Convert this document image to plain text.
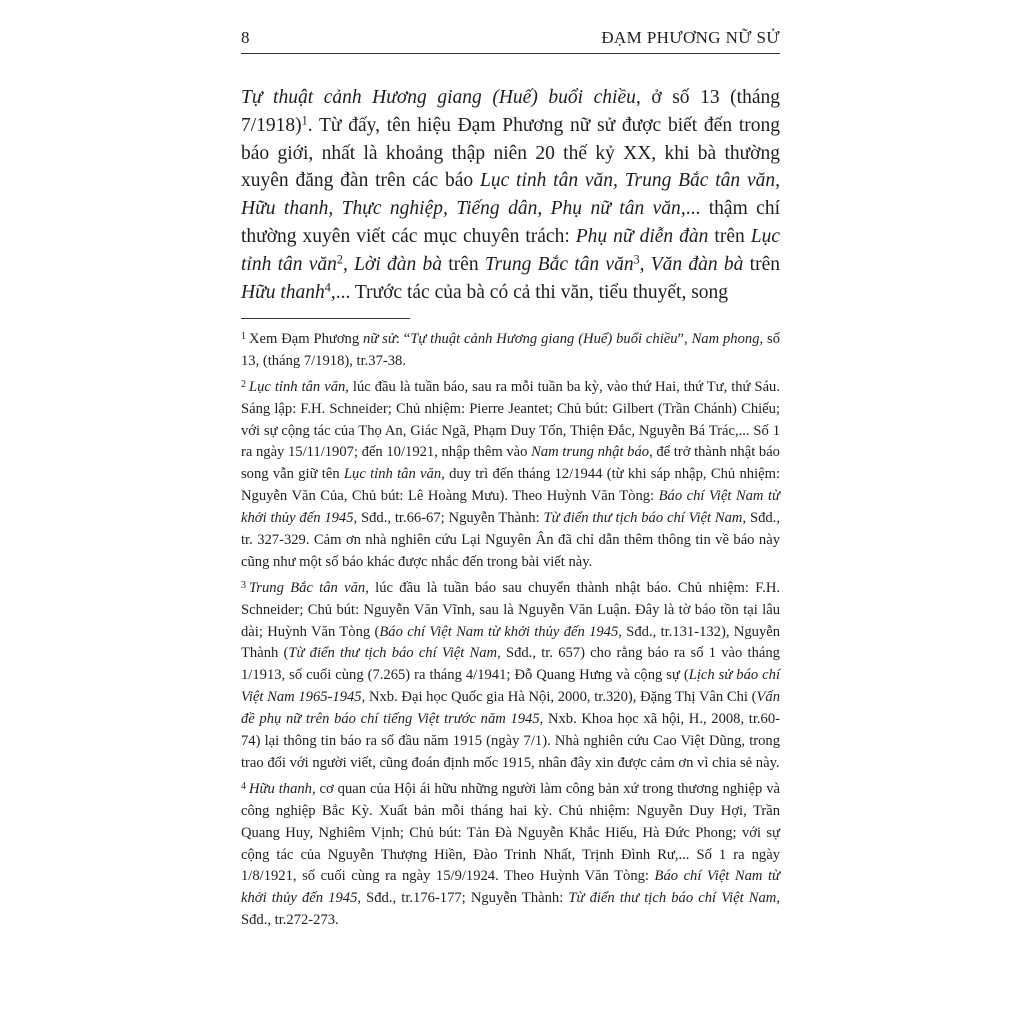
8	ĐẠM PHƯƠNG NỮ SỬ

Tự thuật cảnh Hương giang (Huế) buổi chiều, ở số 13 (tháng 7/1918)$^1$. Từ đấy, tên hiệu Đạm Phương nữ sử được biết đến trong báo giới, nhất là khoảng thập niên 20 thế kỷ XX, khi bà thường xuyên đăng đàn trên các báo Lục tỉnh tân văn, Trung Bắc tân văn, Hữu thanh, Thực nghiệp, Tiếng dân, Phụ nữ tân văn,... thậm chí thường xuyên viết các mục chuyên trách: Phụ nữ diễn đàn trên Lục tỉnh tân văn$^2$, Lời đàn bà trên Trung Bắc tân văn$^3$, Văn đàn bà trên Hữu thanh$^4$,... Trước tác của bà có cả thi văn, tiểu thuyết, song

$^1$ Xem Đạm Phương nữ sử: “Tự thuật cảnh Hương giang (Huế) buổi chiều”, Nam phong, số 13, (tháng 7/1918), tr.37-38.

$^2$ Lục tỉnh tân văn, lúc đầu là tuần báo, sau ra mỗi tuần ba kỳ, vào thứ Hai, thứ Tư, thứ Sáu. Sáng lập: F.H. Schneider; Chủ nhiệm: Pierre Jeantet; Chủ bút: Gilbert (Trần Chánh) Chiếu; với sự cộng tác của Thọ An, Giác Ngã, Phạm Duy Tốn, Thiện Đắc, Nguyễn Bá Trác,... Số 1 ra ngày 15/11/1907; đến 10/1921, nhập thêm vào Nam trung nhật báo, để trở thành nhật báo song vẫn giữ tên Lục tỉnh tân văn, duy trì đến tháng 12/1944 (từ khi sáp nhập, Chủ nhiệm: Nguyễn Văn Của, Chủ bút: Lê Hoàng Mưu). Theo Huỳnh Văn Tòng: Báo chí Việt Nam từ khởi thủy đến 1945, Sđd., tr.66-67; Nguyễn Thành: Từ điển thư tịch báo chí Việt Nam, Sđd., tr. 327-329. Cảm ơn nhà nghiên cứu Lại Nguyên Ân đã chỉ dẫn thêm thông tin về báo này cũng như một số báo khác được nhắc đến trong bài viết này.

$^3$ Trung Bắc tân văn, lúc đầu là tuần báo sau chuyển thành nhật báo. Chủ nhiệm: F.H. Schneider; Chủ bút: Nguyễn Văn Vĩnh, sau là Nguyễn Văn Luận. Đây là tờ báo tồn tại lâu dài; Huỳnh Văn Tòng (Báo chí Việt Nam từ khởi thủy đến 1945, Sđd., tr.131-132), Nguyễn Thành (Từ điển thư tịch báo chí Việt Nam, Sđd., tr. 657) cho rằng báo ra số 1 vào tháng 1/1913, số cuối cùng (7.265) ra tháng 4/1941; Đỗ Quang Hưng và cộng sự (Lịch sử báo chí Việt Nam 1965-1945, Nxb. Đại học Quốc gia Hà Nội, 2000, tr.320), Đặng Thị Vân Chi (Vấn đề phụ nữ trên báo chí tiếng Việt trước năm 1945, Nxb. Khoa học xã hội, H., 2008, tr.60-74) lại thông tin báo ra số đầu năm 1915 (ngày 7/1). Nhà nghiên cứu Cao Việt Dũng, trong trao đổi với người viết, cũng đoán định mốc 1915, nhân đây xin được cảm ơn vì chia sẻ này.

$^4$ Hữu thanh, cơ quan của Hội ái hữu những người làm công bản xứ trong thương nghiệp và công nghiệp Bắc Kỳ. Xuất bản mỗi tháng hai kỳ. Chủ nhiệm: Nguyễn Duy Hợi, Trần Quang Huy, Nghiêm Vịnh; Chủ bút: Tản Đà Nguyễn Khắc Hiếu, Hà Đức Phong; với sự cộng tác của Nguyễn Thượng Hiền, Đào Trinh Nhất, Trịnh Đình Rư,... Số 1 ra ngày 1/8/1921, số cuối cùng ra ngày 15/9/1924. Theo Huỳnh Văn Tòng: Báo chí Việt Nam từ khởi thủy đến 1945, Sđd., tr.176-177; Nguyễn Thành: Từ điển thư tịch báo chí Việt Nam, Sđd., tr.272-273.
